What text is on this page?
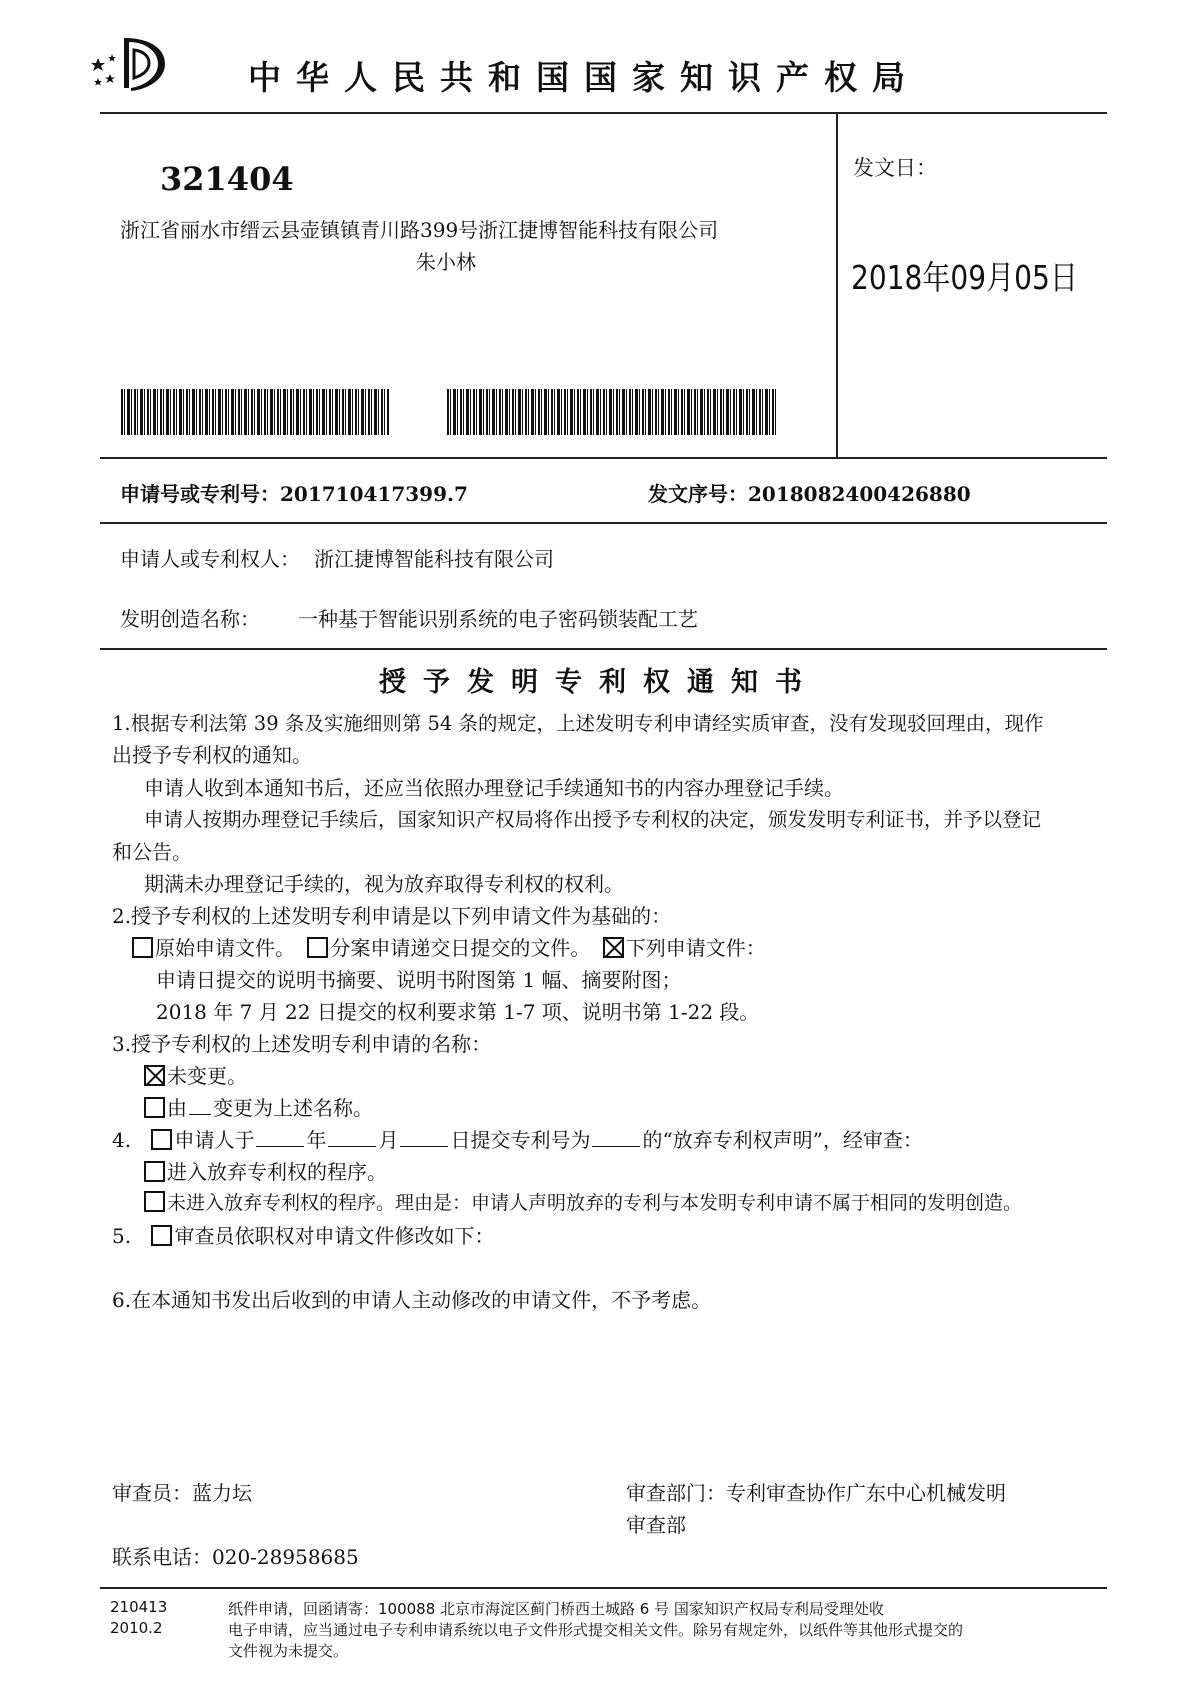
中华人民共和国国家知识产权局
321404
浙江省丽水市缙云县壶镇镇青川路399号浙江捷博智能科技有限公司
朱小林
发文日：
2018年09月05日
申请号或专利号：201710417399.7	发文序号：2018082400426880
申请人或专利权人： 浙江捷博智能科技有限公司
发明创造名称： 一种基于智能识别系统的电子密码锁装配工艺
授予发明专利权通知书
1.根据专利法第 39 条及实施细则第 54 条的规定，上述发明专利申请经实质审查，没有发现驳回理由，现作
出授予专利权的通知。
申请人收到本通知书后，还应当依照办理登记手续通知书的内容办理登记手续。
申请人按期办理登记手续后，国家知识产权局将作出授予专利权的决定，颁发发明专利证书，并予以登记
和公告。
期满未办理登记手续的，视为放弃取得专利权的权利。
2.授予专利权的上述发明专利申请是以下列申请文件为基础的：
原始申请文件。 分案申请递交日提交的文件。 下列申请文件：
申请日提交的说明书摘要、说明书附图第 1 幅、摘要附图；
2018 年 7 月 22 日提交的权利要求第 1-7 项、说明书第 1-22 段。
3.授予专利权的上述发明专利申请的名称：
未变更。
由 变更为上述名称。
4. 申请人于	年	月	日提交专利号为	的“放弃专利权声明”，经审查：
进入放弃专利权的程序。
未进入放弃专利权的程序。理由是：申请人声明放弃的专利与本发明专利申请不属于相同的发明创造。
5. 审查员依职权对申请文件修改如下：
6.在本通知书发出后收到的申请人主动修改的申请文件，不予考虑。
审查员：蓝力坛	审查部门：专利审查协作广东中心机械发明
审查部
联系电话：020-28958685
210413
2010.2
纸件申请，回函请寄：100088 北京市海淀区蓟门桥西土城路 6 号 国家知识产权局专利局受理处收
电子申请，应当通过电子专利申请系统以电子文件形式提交相关文件。除另有规定外，以纸件等其他形式提交的
文件视为未提交。
